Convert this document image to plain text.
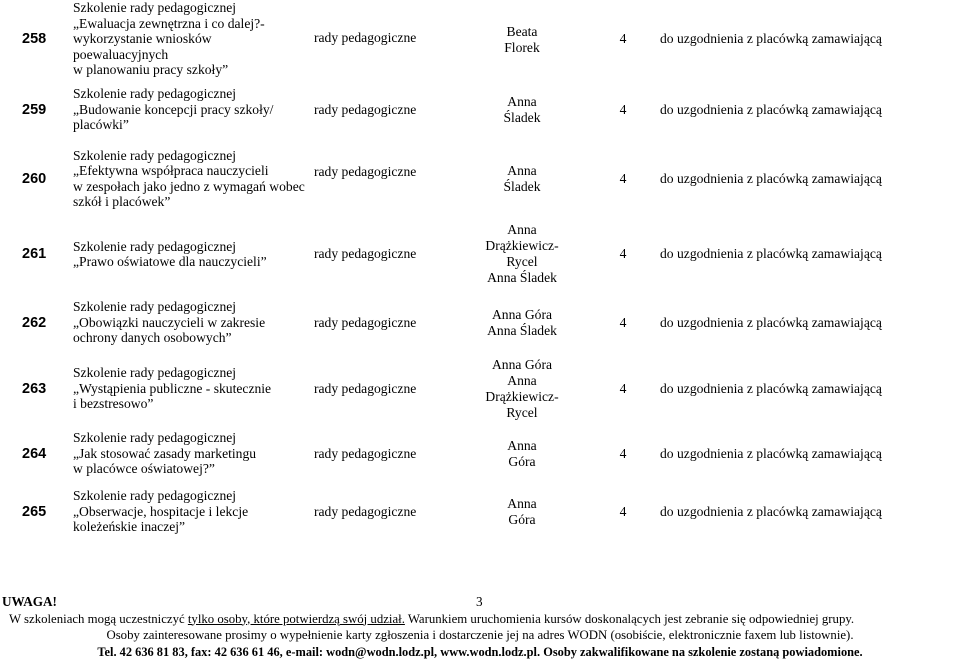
258	Szkolenie rady pedagogicznej
„Ewaluacja zewnętrzna i co dalej?-
wykorzystanie wniosków poewaluacyjnych
w planowaniu pracy szkoły”	rady pedagogiczne	Beata
Florek	4	do uzgodnienia z placówką zamawiającą
259	Szkolenie rady pedagogicznej
„Budowanie koncepcji pracy szkoły/
placówki”	rady pedagogiczne	Anna
Śladek	4	do uzgodnienia z placówką zamawiającą
260	Szkolenie rady pedagogicznej
„Efektywna współpraca nauczycieli
w zespołach jako jedno z wymagań wobec
szkół i placówek”	rady pedagogiczne	Anna
Śladek	4	do uzgodnienia z placówką zamawiającą
261	Szkolenie rady pedagogicznej
„Prawo oświatowe dla nauczycieli”	rady pedagogiczne	Anna
Drążkiewicz-
Rycel
Anna Śladek	4	do uzgodnienia z placówką zamawiającą
262	Szkolenie rady pedagogicznej
„Obowiązki nauczycieli w zakresie
ochrony danych osobowych”	rady pedagogiczne	Anna Góra
Anna Śladek	4	do uzgodnienia z placówką zamawiającą
263	Szkolenie rady pedagogicznej
„Wystąpienia publiczne - skutecznie
i bezstresowo”	rady pedagogiczne	Anna Góra
Anna
Drążkiewicz-
Rycel	4	do uzgodnienia z placówką zamawiającą
264	Szkolenie rady pedagogicznej
„Jak stosować zasady marketingu
w placówce oświatowej?”	rady pedagogiczne	Anna
Góra	4	do uzgodnienia z placówką zamawiającą
265	Szkolenie rady pedagogicznej
„Obserwacje, hospitacje i lekcje
koleżeńskie inaczej”	rady pedagogiczne	Anna
Góra	4	do uzgodnienia z placówką zamawiającą
UWAGA!	3
W szkoleniach mogą uczestniczyć tylko osoby, które potwierdzą swój udział. Warunkiem uruchomienia kursów doskonalących jest zebranie się odpowiedniej grupy.
Osoby zainteresowane prosimy o wypełnienie karty zgłoszenia i dostarczenie jej na adres WODN (osobiście, elektronicznie faxem lub listownie).
Tel. 42 636 81 83, fax: 42 636 61 46, e-mail: wodn@wodn.lodz.pl, www.wodn.lodz.pl. Osoby zakwalifikowane na szkolenie zostaną powiadomione.
